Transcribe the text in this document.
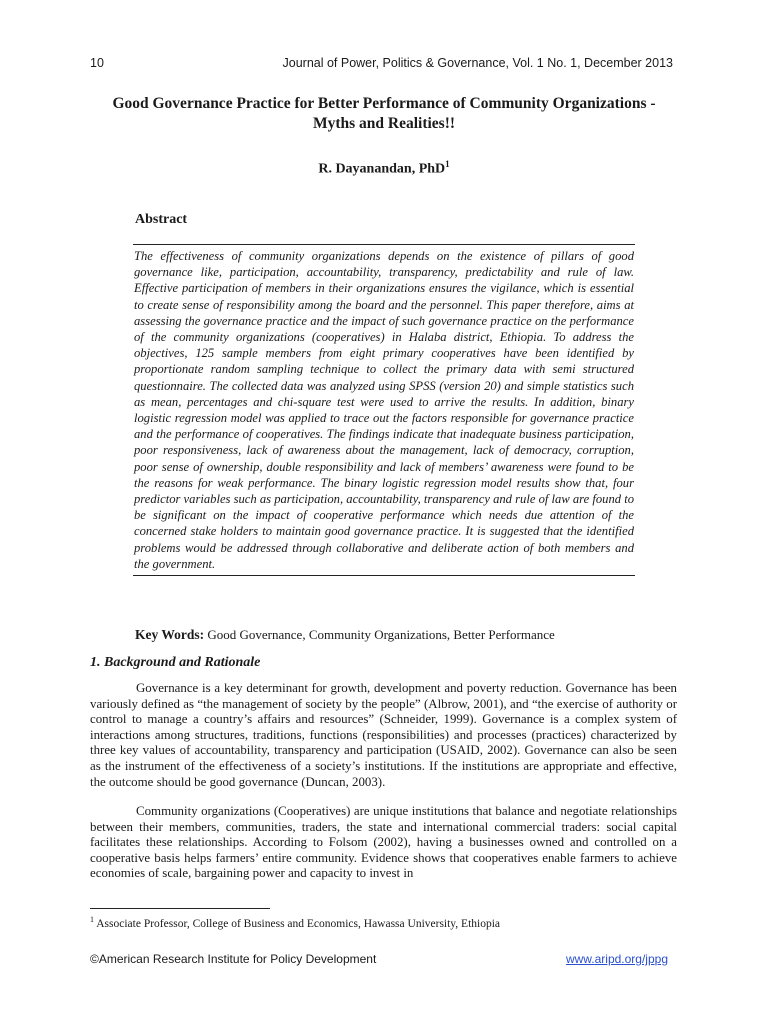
10	Journal of Power, Politics & Governance, Vol. 1 No. 1, December 2013
Good Governance Practice for Better Performance of Community Organizations - Myths and Realities!!
R. Dayanandan, PhD$^1$
Abstract

The effectiveness of community organizations depends on the existence of pillars of good governance like, participation, accountability, transparency, predictability and rule of law. Effective participation of members in their organizations ensures the vigilance, which is essential to create sense of responsibility among the board and the personnel. This paper therefore, aims at assessing the governance practice and the impact of such governance practice on the performance of the community organizations (cooperatives) in Halaba district, Ethiopia. To address the objectives, 125 sample members from eight primary cooperatives have been identified by proportionate random sampling technique to collect the primary data with semi structured questionnaire. The collected data was analyzed using SPSS (version 20) and simple statistics such as mean, percentages and chi-square test were used to arrive the results. In addition, binary logistic regression model was applied to trace out the factors responsible for governance practice and the performance of cooperatives. The findings indicate that inadequate business participation, poor responsiveness, lack of awareness about the management, lack of democracy, corruption, poor sense of ownership, double responsibility and lack of members’ awareness were found to be the reasons for weak performance. The binary logistic regression model results show that, four predictor variables such as participation, accountability, transparency and rule of law are found to be significant on the impact of cooperative performance which needs due attention of the concerned stake holders to maintain good governance practice. It is suggested that the identified problems would be addressed through collaborative and deliberate action of both members and the government.

Key Words: Good Governance, Community Organizations, Better Performance
1. Background and Rationale

Governance is a key determinant for growth, development and poverty reduction. Governance has been variously defined as “the management of society by the people” (Albrow, 2001), and “the exercise of authority or control to manage a country’s affairs and resources” (Schneider, 1999). Governance is a complex system of interactions among structures, traditions, functions (responsibilities) and processes (practices) characterized by three key values of accountability, transparency and participation (USAID, 2002). Governance can also be seen as the instrument of the effectiveness of a society’s institutions. If the institutions are appropriate and effective, the outcome should be good governance (Duncan, 2003).

Community organizations (Cooperatives) are unique institutions that balance and negotiate relationships between their members, communities, traders, the state and international commercial traders: social capital facilitates these relationships. According to Folsom (2002), having a businesses owned and controlled on a cooperative basis helps farmers’ entire community. Evidence shows that cooperatives enable farmers to achieve economies of scale, bargaining power and capacity to invest in

$^1$ Associate Professor, College of Business and Economics, Hawassa University, Ethiopia
©American Research Institute for Policy Development	www.aripd.org/jppg
